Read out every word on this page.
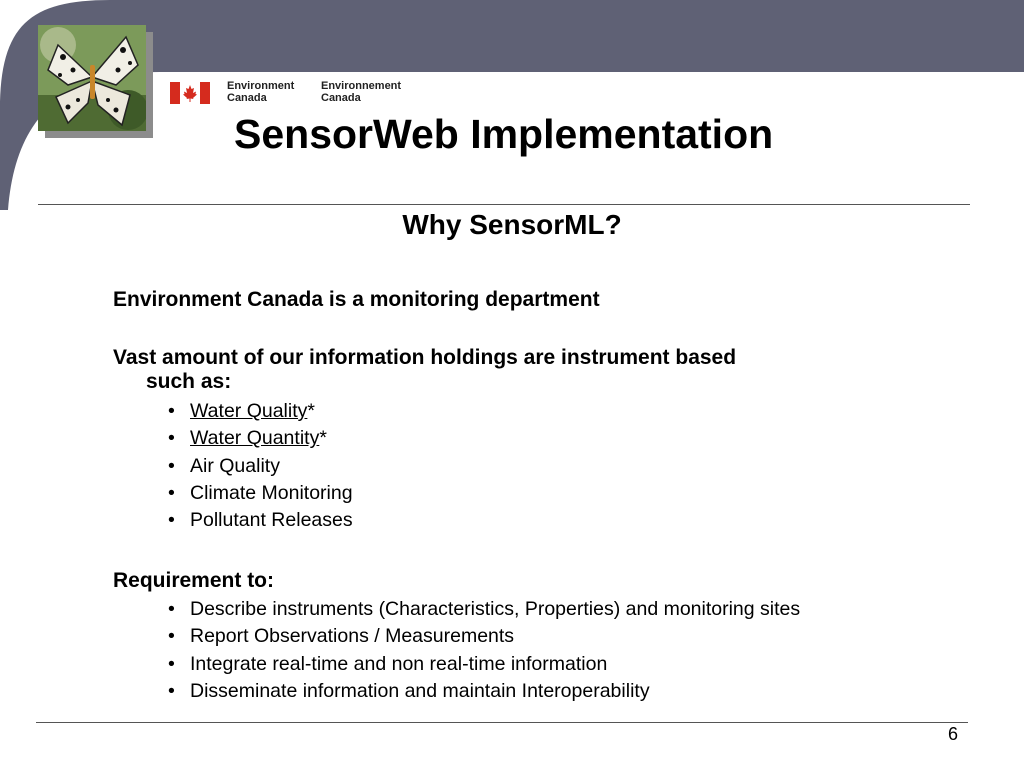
Environment
Canada
Environnement
Canada
SensorWeb Implementation
Why SensorML?
Environment Canada is a monitoring department
Vast amount of our information holdings are instrument based
such as:
• Water Quality*
• Water Quantity*
• Air Quality
• Climate Monitoring
• Pollutant Releases
Requirement to:
• Describe instruments (Characteristics, Properties) and monitoring sites
• Report Observations / Measurements
• Integrate real-time and non real-time information
• Disseminate information and maintain Interoperability
6
